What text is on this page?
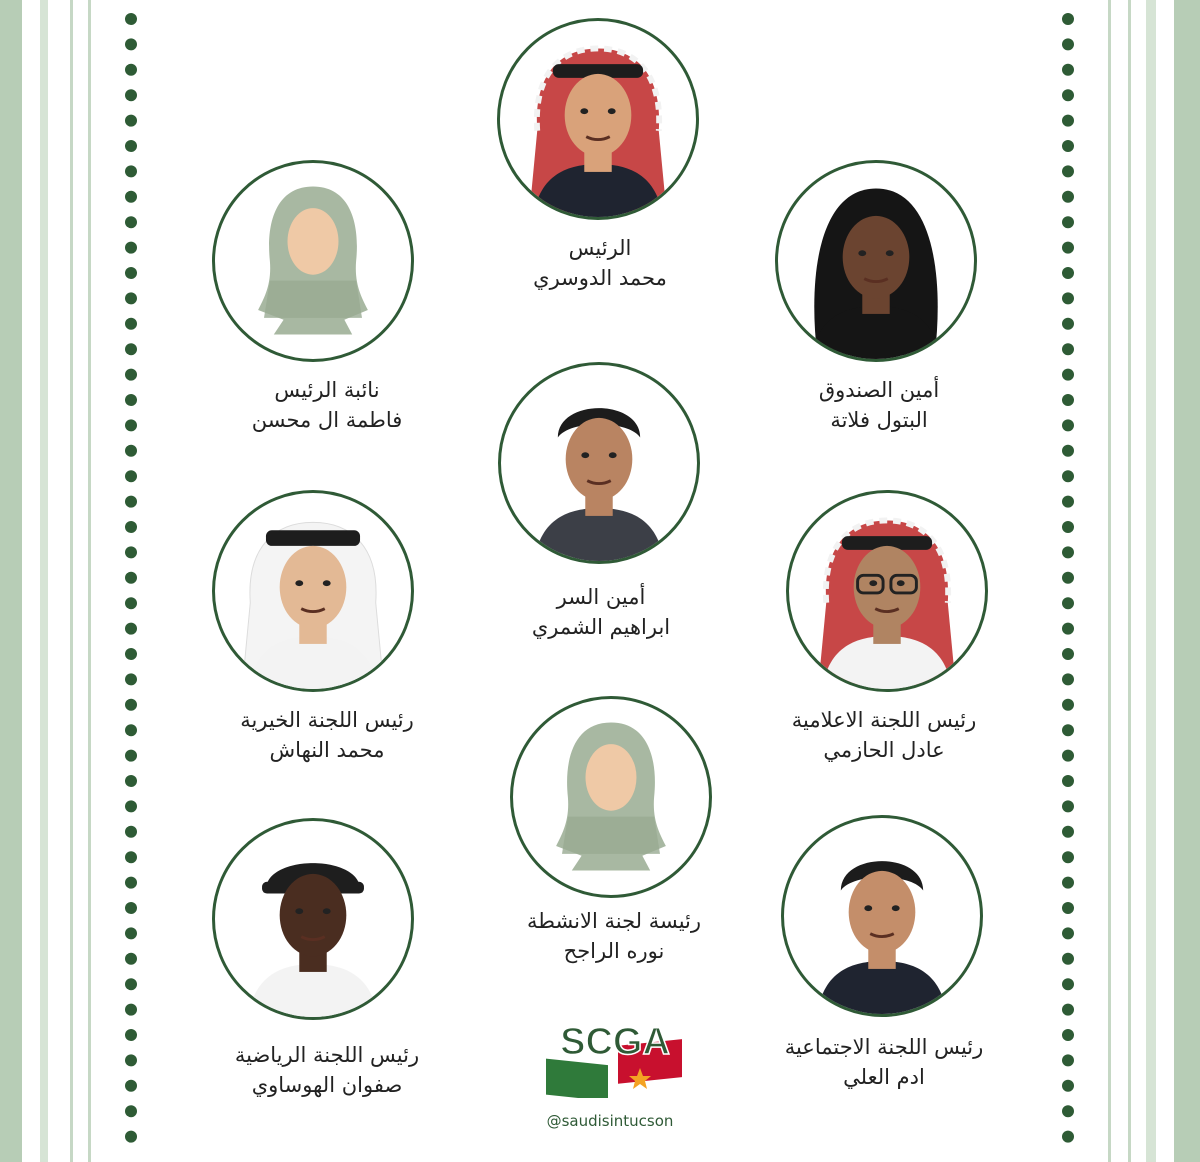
الرئيس
محمد الدوسري
نائبة الرئيس
فاطمة ال محسن
أمين الصندوق
البتول فلاتة
أمين السر
ابراهيم الشمري
رئيس اللجنة الخيرية
محمد النهاش
رئيس اللجنة الاعلامية
عادل الحازمي
رئيسة لجنة الانشطة
نوره الراجح
رئيس اللجنة الرياضية
صفوان الهوساوي
رئيس اللجنة الاجتماعية
ادم العلي
SCGA
@saudisintucson
